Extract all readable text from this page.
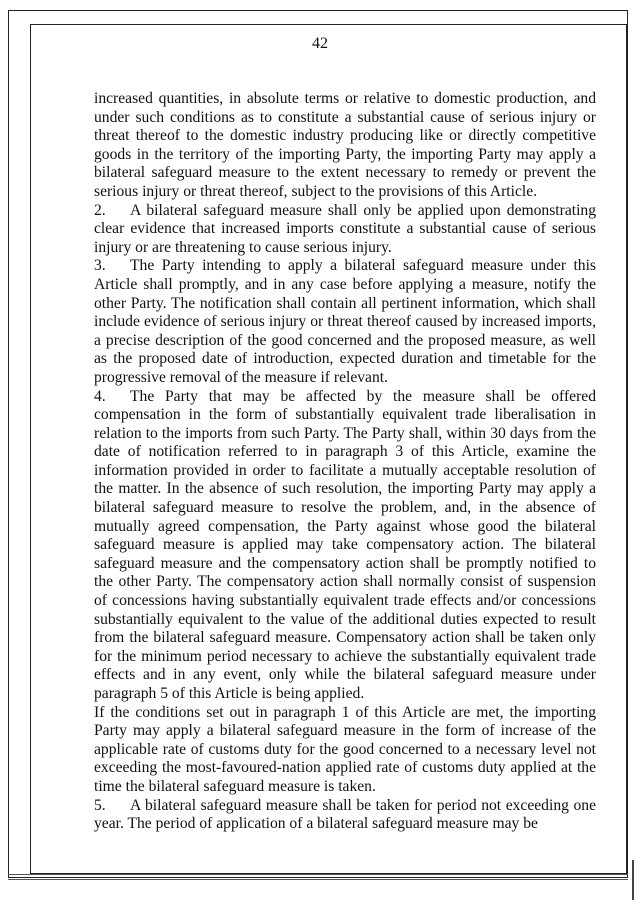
42

increased quantities, in absolute terms or relative to domestic production, and under such conditions as to constitute a substantial cause of serious injury or threat thereof to the domestic industry producing like or directly competitive goods in the territory of the importing Party, the importing Party may apply a bilateral safeguard measure to the extent necessary to remedy or prevent the serious injury or threat thereof, subject to the provisions of this Article.

2. A bilateral safeguard measure shall only be applied upon demonstrating clear evidence that increased imports constitute a substantial cause of serious injury or are threatening to cause serious injury.

3. The Party intending to apply a bilateral safeguard measure under this Article shall promptly, and in any case before applying a measure, notify the other Party. The notification shall contain all pertinent information, which shall include evidence of serious injury or threat thereof caused by increased imports, a precise description of the good concerned and the proposed measure, as well as the proposed date of introduction, expected duration and timetable for the progressive removal of the measure if relevant.

4. The Party that may be affected by the measure shall be offered compensation in the form of substantially equivalent trade liberalisation in relation to the imports from such Party. The Party shall, within 30 days from the date of notification referred to in paragraph 3 of this Article, examine the information provided in order to facilitate a mutually acceptable resolution of the matter. In the absence of such resolution, the importing Party may apply a bilateral safeguard measure to resolve the problem, and, in the absence of mutually agreed compensation, the Party against whose good the bilateral safeguard measure is applied may take compensatory action. The bilateral safeguard measure and the compensatory action shall be promptly notified to the other Party. The compensatory action shall normally consist of suspension of concessions having substantially equivalent trade effects and/or concessions substantially equivalent to the value of the additional duties expected to result from the bilateral safeguard measure. Compensatory action shall be taken only for the minimum period necessary to achieve the substantially equivalent trade effects and in any event, only while the bilateral safeguard measure under paragraph 5 of this Article is being applied.

If the conditions set out in paragraph 1 of this Article are met, the importing Party may apply a bilateral safeguard measure in the form of increase of the applicable rate of customs duty for the good concerned to a necessary level not exceeding the most-favoured-nation applied rate of customs duty applied at the time the bilateral safeguard measure is taken.

5. A bilateral safeguard measure shall be taken for period not exceeding one year. The period of application of a bilateral safeguard measure may be
